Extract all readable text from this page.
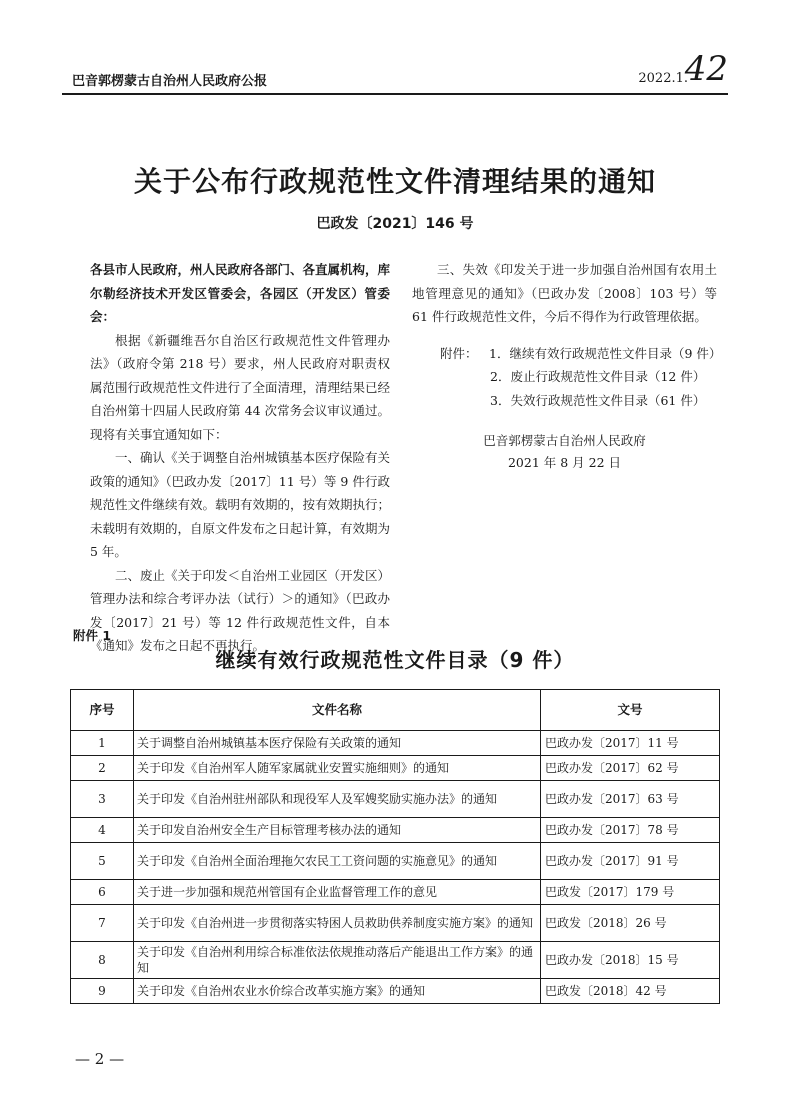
巴音郭楞蒙古自治州人民政府公报	2022.1.
42
关于公布行政规范性文件清理结果的通知
巴政发〔2021〕146 号

各县市人民政府，州人民政府各部门、各直属机构，库尔勒经济技术开发区管委会，各园区（开发区）管委会：

根据《新疆维吾尔自治区行政规范性文件管理办法》（政府令第 218 号）要求，州人民政府对职责权属范围行政规范性文件进行了全面清理，清理结果已经自治州第十四届人民政府第 44 次常务会议审议通过。现将有关事宜通知如下：

一、确认《关于调整自治州城镇基本医疗保险有关政策的通知》（巴政办发〔2017〕11 号）等 9 件行政规范性文件继续有效。载明有效期的，按有效期执行；未载明有效期的，自原文件发布之日起计算，有效期为 5 年。

二、废止《关于印发＜自治州工业园区（开发区）管理办法和综合考评办法（试行）＞的通知》（巴政办发〔2017〕21 号）等 12 件行政规范性文件，自本《通知》发布之日起不再执行。

三、失效《印发关于进一步加强自治州国有农用土地管理意见的通知》（巴政办发〔2008〕103 号）等 61 件行政规范性文件，今后不得作为行政管理依据。

附件： 1．继续有效行政规范性文件目录（9 件）
2．废止行政规范性文件目录（12 件）
3．失效行政规范性文件目录（61 件）

巴音郭楞蒙古自治州人民政府

2021 年 8 月 22 日

附件 1
继续有效行政规范性文件目录（9 件）
序号	文件名称	文号
1	关于调整自治州城镇基本医疗保险有关政策的通知	巴政办发〔2017〕11 号
2	关于印发《自治州军人随军家属就业安置实施细则》的通知	巴政办发〔2017〕62 号
3	关于印发《自治州驻州部队和现役军人及军嫂奖励实施办法》的通知	巴政办发〔2017〕63 号
4	关于印发自治州安全生产目标管理考核办法的通知	巴政办发〔2017〕78 号
5	关于印发《自治州全面治理拖欠农民工工资问题的实施意见》的通知	巴政办发〔2017〕91 号
6	关于进一步加强和规范州管国有企业监督管理工作的意见	巴政发〔2017〕179 号
7	关于印发《自治州进一步贯彻落实特困人员救助供养制度实施方案》的通知	巴政发〔2018〕26 号
8	关于印发《自治州利用综合标准依法依规推动落后产能退出工作方案》的通知	巴政办发〔2018〕15 号
9	关于印发《自治州农业水价综合改革实施方案》的通知	巴政发〔2018〕42 号
— 2 —
